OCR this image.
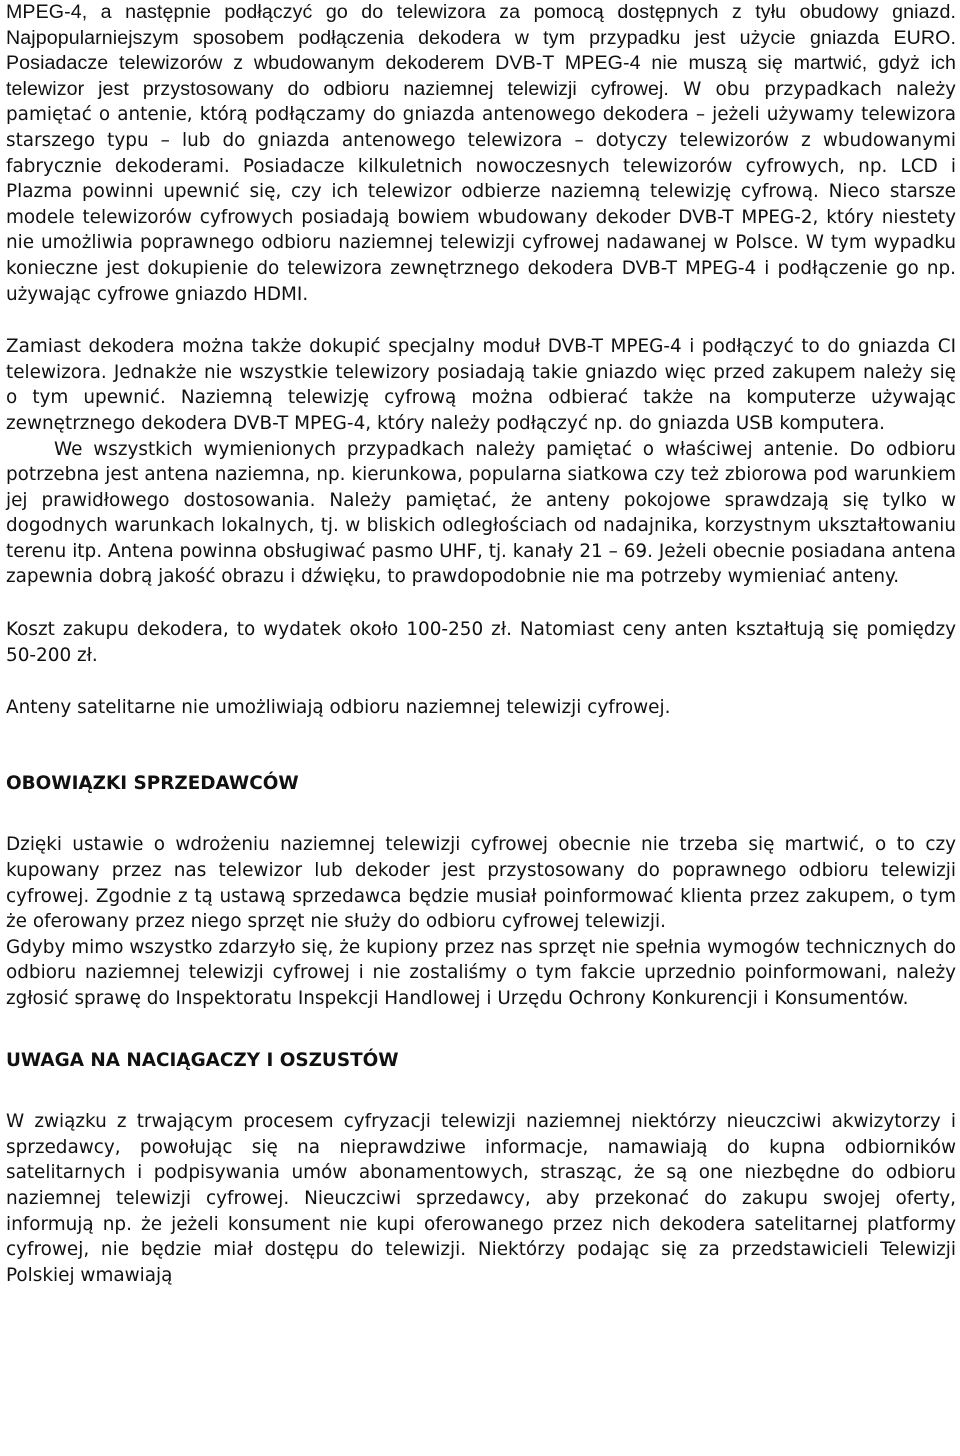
MPEG-4, a następnie podłączyć go do telewizora za pomocą dostępnych z tyłu obudowy gniazd. Najpopularniejszym sposobem podłączenia dekodera w tym przypadku jest użycie gniazda EURO. Posiadacze telewizorów z wbudowanym dekoderem DVB-T MPEG-4 nie muszą się martwić, gdyż ich telewizor jest przystosowany do odbioru naziemnej telewizji cyfrowej. W obu przypadkach należy pamiętać o antenie, którą podłączamy do gniazda antenowego dekodera – jeżeli używamy telewizora starszego typu – lub do gniazda antenowego telewizora – dotyczy telewizorów z wbudowanymi fabrycznie dekoderami. Posiadacze kilkuletnich nowoczesnych telewizorów cyfrowych, np. LCD i Plazma powinni upewnić się, czy ich telewizor odbierze naziemną telewizję cyfrową. Nieco starsze modele telewizorów cyfrowych posiadają bowiem wbudowany dekoder DVB-T MPEG-2, który niestety nie umożliwia poprawnego odbioru naziemnej telewizji cyfrowej nadawanej w Polsce. W tym wypadku konieczne jest dokupienie do telewizora zewnętrznego dekodera DVB-T MPEG-4 i podłączenie go np. używając cyfrowe gniazdo HDMI.

Zamiast dekodera można także dokupić specjalny moduł DVB-T MPEG-4 i podłączyć to do gniazda CI telewizora. Jednakże nie wszystkie telewizory posiadają takie gniazdo więc przed zakupem należy się o tym upewnić. Naziemną telewizję cyfrową można odbierać także na komputerze używając zewnętrznego dekodera DVB-T MPEG-4, który należy podłączyć np. do gniazda USB komputera.

We wszystkich wymienionych przypadkach należy pamiętać o właściwej antenie. Do odbioru potrzebna jest antena naziemna, np. kierunkowa, popularna siatkowa czy też zbiorowa pod warunkiem jej prawidłowego dostosowania. Należy pamiętać, że anteny pokojowe sprawdzają się tylko w dogodnych warunkach lokalnych, tj. w bliskich odległościach od nadajnika, korzystnym ukształtowaniu terenu itp. Antena powinna obsługiwać pasmo UHF, tj. kanały 21 – 69. Jeżeli obecnie posiadana antena zapewnia dobrą jakość obrazu i dźwięku, to prawdopodobnie nie ma potrzeby wymieniać anteny.

Koszt zakupu dekodera, to wydatek około 100-250 zł. Natomiast ceny anten kształtują się pomiędzy 50-200 zł.

Anteny satelitarne nie umożliwiają odbioru naziemnej telewizji cyfrowej.

OBOWIĄZKI SPRZEDAWCÓW

Dzięki ustawie o wdrożeniu naziemnej telewizji cyfrowej obecnie nie trzeba się martwić, o to czy kupowany przez nas telewizor lub dekoder jest przystosowany do poprawnego odbioru telewizji cyfrowej. Zgodnie z tą ustawą sprzedawca będzie musiał poinformować klienta przez zakupem, o tym że oferowany przez niego sprzęt nie służy do odbioru cyfrowej telewizji.

Gdyby mimo wszystko zdarzyło się, że kupiony przez nas sprzęt nie spełnia wymogów technicznych do odbioru naziemnej telewizji cyfrowej i nie zostaliśmy o tym fakcie uprzednio poinformowani, należy zgłosić sprawę do Inspektoratu Inspekcji Handlowej i Urzędu Ochrony Konkurencji i Konsumentów.

UWAGA NA NACIĄGACZY I OSZUSTÓW

W związku z trwającym procesem cyfryzacji telewizji naziemnej niektórzy nieuczciwi akwizytorzy i sprzedawcy, powołując się na nieprawdziwe informacje, namawiają do kupna odbiorników satelitarnych i podpisywania umów abonamentowych, strasząc, że są one niezbędne do odbioru naziemnej telewizji cyfrowej. Nieuczciwi sprzedawcy, aby przekonać do zakupu swojej oferty, informują np. że jeżeli konsument nie kupi oferowanego przez nich dekodera satelitarnej platformy cyfrowej, nie będzie miał dostępu do telewizji. Niektórzy podając się za przedstawicieli Telewizji Polskiej wmawiają
